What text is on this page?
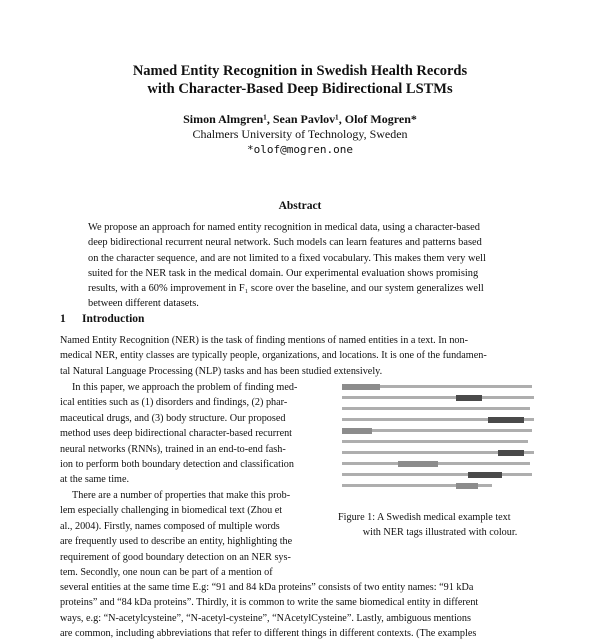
Named Entity Recognition in Swedish Health Records
with Character-Based Deep Bidirectional LSTMs
Simon Almgren¹, Sean Pavlov¹, Olof Mogren*
Chalmers University of Technology, Sweden
*olof@mogren.one
Abstract
We propose an approach for named entity recognition in medical data, using a character-based
deep bidirectional recurrent neural network. Such models can learn features and patterns based
on the character sequence, and are not limited to a fixed vocabulary. This makes them very well
suited for the NER task in the medical domain. Our experimental evaluation shows promising
results, with a 60% improvement in F₁ score over the baseline, and our system generalizes well
between different datasets.
1 Introduction
Named Entity Recognition (NER) is the task of finding mentions of named entities in a text. In non-
medical NER, entity classes are typically people, organizations, and locations. It is one of the fundamen-
tal Natural Language Processing (NLP) tasks and has been studied extensively.
In this paper, we approach the problem of finding med-
ical entities such as (1) disorders and findings, (2) phar-
maceutical drugs, and (3) body structure. Our proposed
method uses deep bidirectional character-based recurrent
neural networks (RNNs), trained in an end-to-end fash-
ion to perform both boundary detection and classification
at the same time.
There are a number of properties that make this prob-
lem especially challenging in biomedical text (Zhou et
al., 2004). Firstly, names composed of multiple words
are frequently used to describe an entity, highlighting the
requirement of good boundary detection on an NER sys-
tem. Secondly, one noun can be part of a mention of
several entities at the same time E.g: “91 and 84 kDa proteins” consists of two entity names: “91 kDa
proteins” and “84 kDa proteins”. Thirdly, it is common to write the same biomedical entity in different
ways, e.g: “N-acetylcysteine”, “N-acetyl-cysteine”, “NAcetylCysteine”. Lastly, ambiguous mentions
are common, including abbreviations that refer to different things in different contexts. (The examples
Figure 1: A Swedish medical example text
with NER tags illustrated with colour.
